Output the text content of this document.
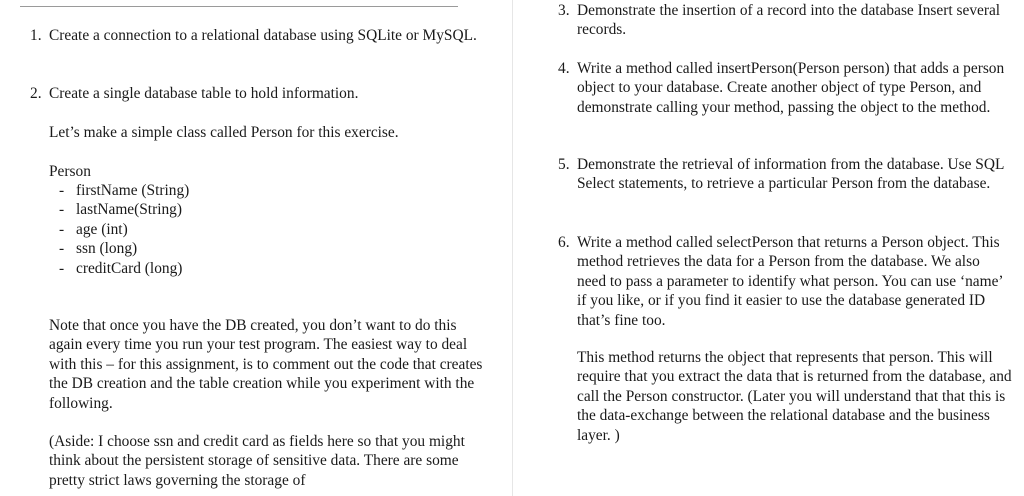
1. Create a connection to a relational database using SQLite or MySQL.
2. Create a single database table to hold information.

Let’s make a simple class called Person for this exercise.

Person

- firstName (String)
- lastName(String)
- age (int)
- ssn (long)
- creditCard (long)

Note that once you have the DB created, you don’t want to do this again every time you run your test program. The easiest way to deal with this – for this assignment, is to comment out the code that creates the DB creation and the table creation while you experiment with the following.

(Aside: I choose ssn and credit card as fields here so that you might think about the persistent storage of sensitive data. There are some pretty strict laws governing the storage of

3. Demonstrate the insertion of a record into the database Insert several records.
4. Write a method called insertPerson(Person person) that adds a person object to your database. Create another object of type Person, and demonstrate calling your method, passing the object to the method.
5. Demonstrate the retrieval of information from the database. Use SQL Select statements, to retrieve a particular Person from the database.
6. Write a method called selectPerson that returns a Person object. This method retrieves the data for a Person from the database. We also need to pass a parameter to identify what person. You can use ‘name’ if you like, or if you find it easier to use the database generated ID that’s fine too.

This method returns the object that represents that person. This will require that you extract the data that is returned from the database, and call the Person constructor. (Later you will understand that that this is the data-exchange between the relational database and the business layer. )
